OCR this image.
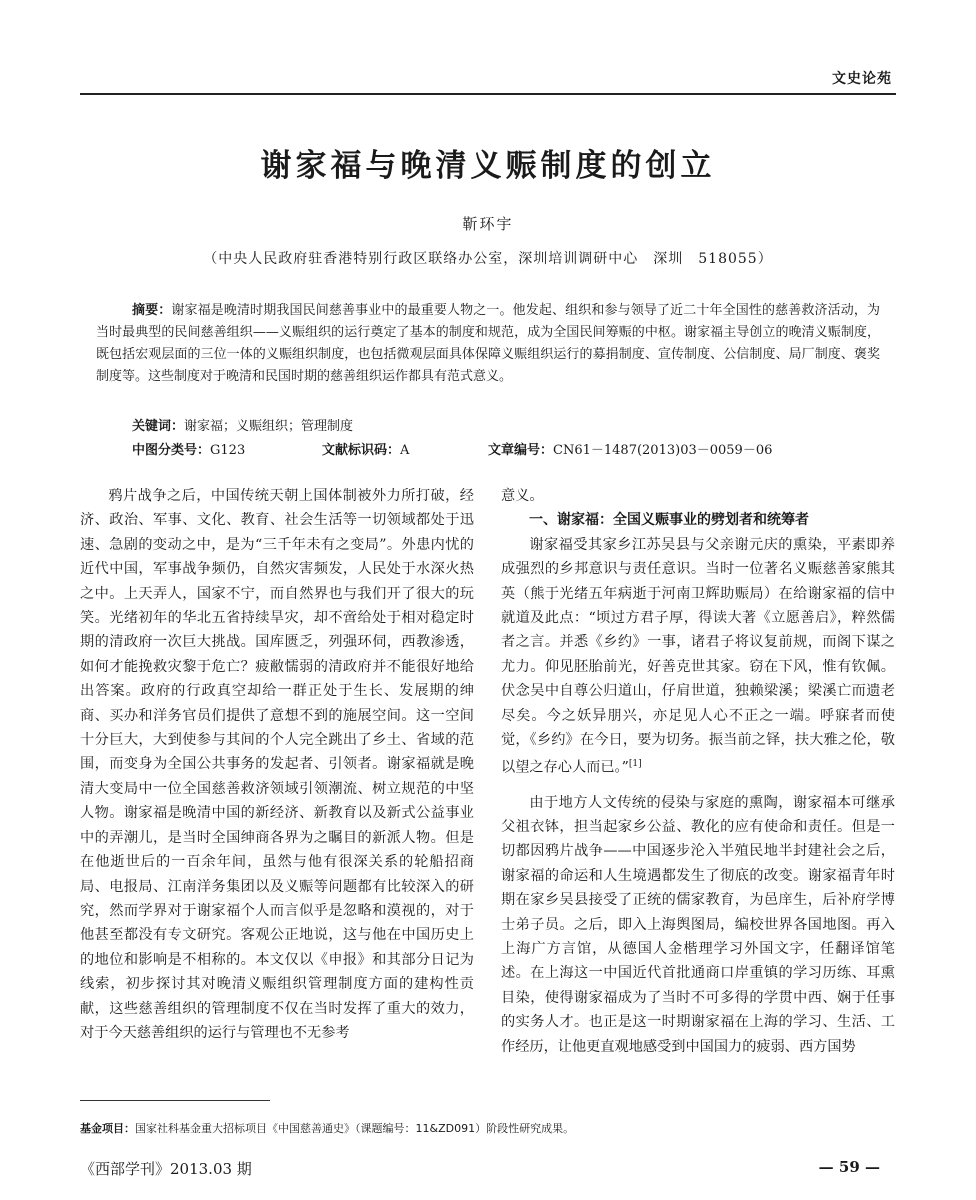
文史论苑
谢家福与晚清义赈制度的创立
靳环宇
（中央人民政府驻香港特别行政区联络办公室，深圳培训调研中心　深圳　518055）
摘要：谢家福是晚清时期我国民间慈善事业中的最重要人物之一。他发起、组织和参与领导了近二十年全国性的慈善救济活动，为当时最典型的民间慈善组织——义赈组织的运行奠定了基本的制度和规范，成为全国民间筹赈的中枢。谢家福主导创立的晚清义赈制度，既包括宏观层面的三位一体的义赈组织制度，也包括微观层面具体保障义赈组织运行的募捐制度、宣传制度、公信制度、局厂制度、褒奖制度等。这些制度对于晚清和民国时期的慈善组织运作都具有范式意义。
关键词：谢家福；义赈组织；管理制度
中图分类号：G123	文献标识码：A	文章编号：CN61－1487(2013)03－0059－06

鸦片战争之后，中国传统天朝上国体制被外力所打破，经济、政治、军事、文化、教育、社会生活等一切领域都处于迅速、急剧的变动之中，是为“三千年未有之变局”。外患内忧的近代中国，军事战争频仍，自然灾害频发，人民处于水深火热之中。上天弄人，国家不宁，而自然界也与我们开了很大的玩笑。光绪初年的华北五省持续旱灾，却不啻给处于相对稳定时期的清政府一次巨大挑战。国库匮乏，列强环伺，西教渗透，如何才能挽救灾黎于危亡？疲敝懦弱的清政府并不能很好地给出答案。政府的行政真空却给一群正处于生长、发展期的绅商、买办和洋务官员们提供了意想不到的施展空间。这一空间十分巨大，大到使参与其间的个人完全跳出了乡土、省域的范围，而变身为全国公共事务的发起者、引领者。谢家福就是晚清大变局中一位全国慈善救济领域引领潮流、树立规范的中坚人物。谢家福是晚清中国的新经济、新教育以及新式公益事业中的弄潮儿，是当时全国绅商各界为之瞩目的新派人物。但是在他逝世后的一百余年间，虽然与他有很深关系的轮船招商局、电报局、江南洋务集团以及义赈等问题都有比较深入的研究，然而学界对于谢家福个人而言似乎是忽略和漠视的，对于他甚至都没有专文研究。客观公正地说，这与他在中国历史上的地位和影响是不相称的。本文仅以《申报》和其部分日记为线索，初步探讨其对晚清义赈组织管理制度方面的建构性贡献，这些慈善组织的管理制度不仅在当时发挥了重大的效力，对于今天慈善组织的运行与管理也不无参考

意义。

一、谢家福：全国义赈事业的劈划者和统筹者

谢家福受其家乡江苏吴县与父亲谢元庆的熏染，平素即养成强烈的乡邦意识与责任意识。当时一位著名义赈慈善家熊其英（熊于光绪五年病逝于河南卫辉助赈局）在给谢家福的信中就道及此点：“顷过方君子厚，得读大著《立愿善启》，粹然儒者之言。并悉《乡约》一事，诸君子将议复前规，而阁下谋之尤力。仰见胚胎前光，好善克世其家。窃在下风，惟有钦佩。伏念吴中自尊公归道山，仔肩世道，独赖梁溪；梁溪亡而遗老尽矣。今之妖异朋兴，亦足见人心不正之一端。呼寐者而使觉，《乡约》在今日，要为切务。振当前之铎，扶大雅之伦，敬以望之存心人而已。”[1]

由于地方人文传统的侵染与家庭的熏陶，谢家福本可继承父祖衣钵，担当起家乡公益、教化的应有使命和责任。但是一切都因鸦片战争——中国逐步沦入半殖民地半封建社会之后，谢家福的命运和人生境遇都发生了彻底的改变。谢家福青年时期在家乡吴县接受了正统的儒家教育，为邑庠生，后补府学博士弟子员。之后，即入上海舆图局，编校世界各国地图。再入上海广方言馆，从德国人金楷理学习外国文字，任翻译馆笔述。在上海这一中国近代首批通商口岸重镇的学习历练、耳熏目染，使得谢家福成为了当时不可多得的学贯中西、娴于任事的实务人才。也正是这一时期谢家福在上海的学习、生活、工作经历，让他更直观地感受到中国国力的疲弱、西方国势

基金项目：国家社科基金重大招标项目《中国慈善通史》（课题编号：11&ZD091）阶段性研究成果。
《西部学刊》2013.03 期	— 59 —
